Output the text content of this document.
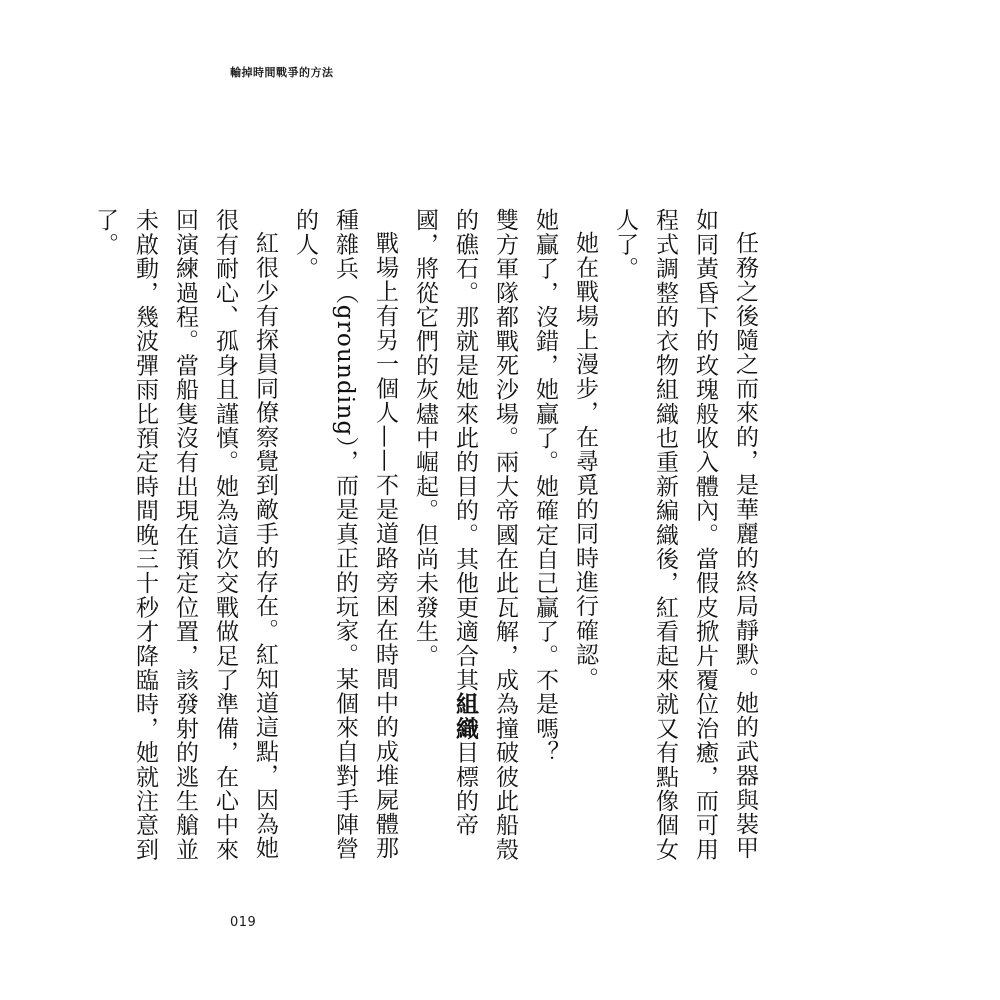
輸掉時間戰爭的方法

任務之後隨之而來的，是華麗的終局靜默。她的武器與裝甲如同黃昏下的玫瑰般收入體內。當假皮掀片覆位治癒，而可用程式調整的衣物組織也重新編織後，紅看起來就又有點像個女人了。

她在戰場上漫步，在尋覓的同時進行確認。

她贏了，沒錯，她贏了。她確定自己贏了。不是嗎？

雙方軍隊都戰死沙場。兩大帝國在此瓦解，成為撞破彼此船殼的礁石。那就是她來此的目的。其他更適合其組織目標的帝國，將從它們的灰燼中崛起。但尚未發生。

戰場上有另一個人——不是道路旁困在時間中的成堆屍體那種雜兵（grounding），而是真正的玩家。某個來自對手陣營的人。

紅很少有探員同僚察覺到敵手的存在。紅知道這點，因為她很有耐心、孤身且謹慎。她為這次交戰做足了準備，在心中來回演練過程。當船隻沒有出現在預定位置，該發射的逃生艙並未啟動，幾波彈雨比預定時間晚三十秒才降臨時，她就注意到了。

019
